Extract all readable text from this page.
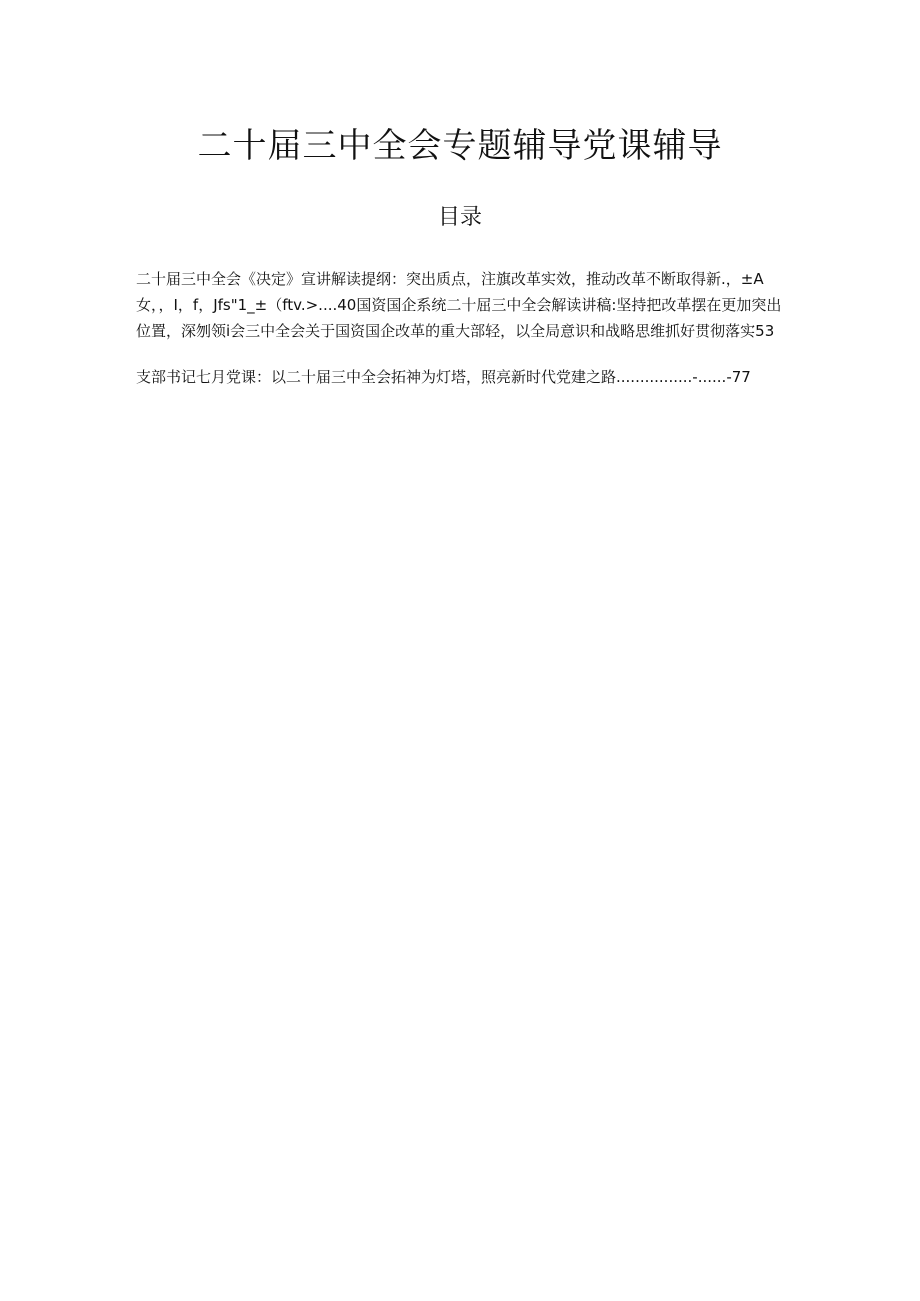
二十届三中全会专题辅导党课辅导
目录

二十届三中全会《决定》宣讲解读提纲：突出质点，注旗改革实效，推动改革不断取得新.，±A

女，，I，f，Jfs"1_±（ftv.>....40国资国企系统二十屈三中全会解读讲稿:坚持把改革摆在更加突出

位置，深刎领i会三中全会关于国资国企改革的重大部轻，以全局意识和战略思维抓好贯彻落实53

支部书记七月党课：以二十届三中全会拓神为灯塔，照亮新时代党建之路................-......-77
